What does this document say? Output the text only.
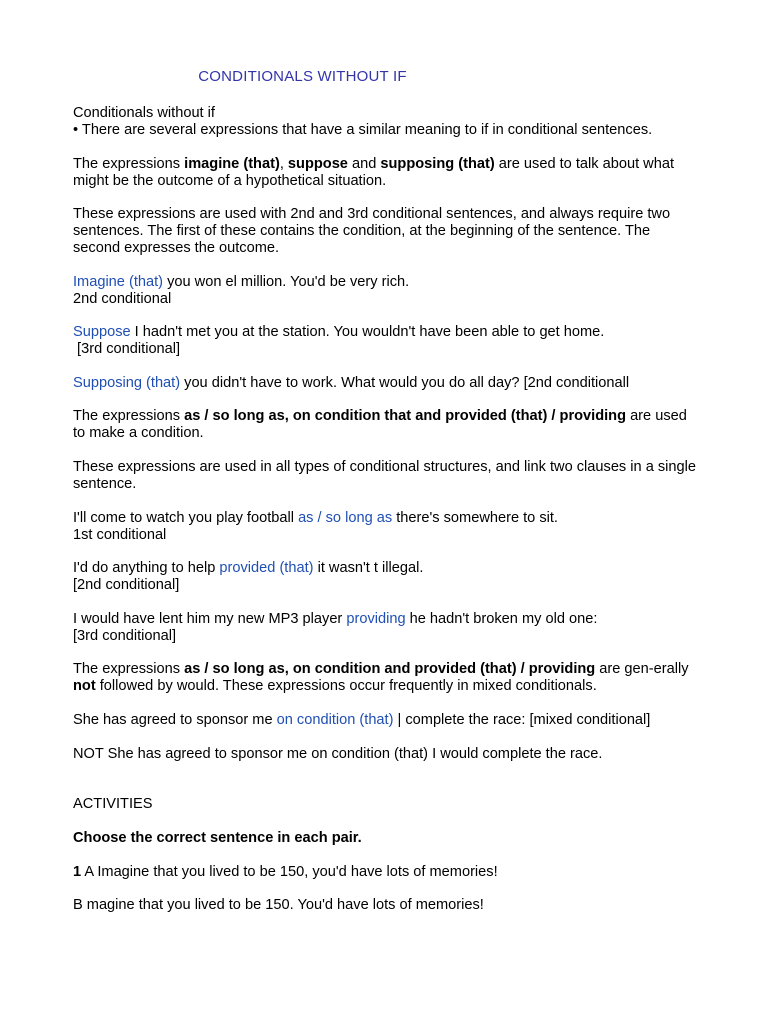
CONDITIONALS WITHOUT IF

Conditionals without if
• There are several expressions that have a similar meaning to if in conditional sentences.

The expressions imagine (that), suppose and supposing (that) are used to talk about what might be the outcome of a hypothetical situation.

These expressions are used with 2nd and 3rd conditional sentences, and always require two sentences. The first of these contains the condition, at the beginning of the sentence. The second expresses the outcome.

Imagine (that) you won el million. You'd be very rich.
2nd conditional

Suppose I hadn't met you at the station. You wouldn't have been able to get home.
[3rd conditional]

Supposing (that) you didn't have to work. What would you do all day? [2nd conditionall

The expressions as / so long as, on condition that and provided (that) / providing are used to make a condition.

These expressions are used in all types of conditional structures, and link two clauses in a single sentence.

I'll come to watch you play football as / so long as there's somewhere to sit.
1st conditional

I'd do anything to help provided (that) it wasn't t illegal.
[2nd conditional]

I would have lent him my new MP3 player providing he hadn't broken my old one:
[3rd conditional]

The expressions as / so long as, on condition and provided (that) / providing are gen-erally not followed by would. These expressions occur frequently in mixed conditionals.

She has agreed to sponsor me on condition (that) | complete the race: [mixed conditional]

NOT She has agreed to sponsor me on condition (that) I would complete the race.

ACTIVITIES

Choose the correct sentence in each pair.

1 A Imagine that you lived to be 150, you'd have lots of memories!

B magine that you lived to be 150. You'd have lots of memories!
